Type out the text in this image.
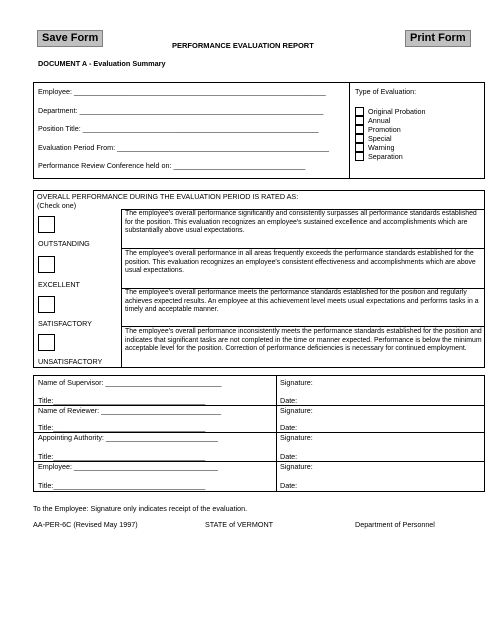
Save Form	Print Form
PERFORMANCE EVALUATION REPORT
DOCUMENT A - Evaluation Summary
Employee: _______________________________________________________________
Department: _____________________________________________________________
Position Title: ___________________________________________________________
Evaluation Period From: _____________________________________________________
Performance Review Conference held on: _________________________________
Type of Evaluation:
Original Probation
Annual
Promotion
Special
Warning
Separation
OVERALL PERFORMANCE DURING THE EVALUATION PERIOD IS RATED AS:
(Check one)
OUTSTANDING
The employee's overall performance significantly and consistently surpasses all performance standards established for the position. This evaluation recognizes an employee's sustained excellence and accomplishments which are substantially above usual expectations.
EXCELLENT
The employee's overall performance in all areas frequently exceeds the performance standards established for the position. This evaluation recognizes an employee's consistent effectiveness and accomplishments which are above usual expectations.
SATISFACTORY
The employee's overall performance meets the performance standards established for the position and regularly achieves expected results. An employee at this achievement level meets usual expectations and performs tasks in a timely and acceptable manner.
UNSATISFACTORY
The employee's overall performance inconsistently meets the performance standards established for the position and indicates that significant tasks are not completed in the time or manner expected. Performance is below the minimum acceptable level for the position. Correction of performance deficiencies is necessary for continued employment.
Name of Supervisor: _____________________________	Signature:
Title:______________________________________	Date:
Name of Reviewer: ______________________________	Signature:
Title:______________________________________	Date:
Appointing Authority: ____________________________	Signature:
Title:______________________________________	Date:
Employee: ____________________________________	Signature:
Title:______________________________________	Date:
To the Employee: Signature only indicates receipt of the evaluation.
AA-PER-6C (Revised May 1997)	STATE of VERMONT	Department of Personnel
